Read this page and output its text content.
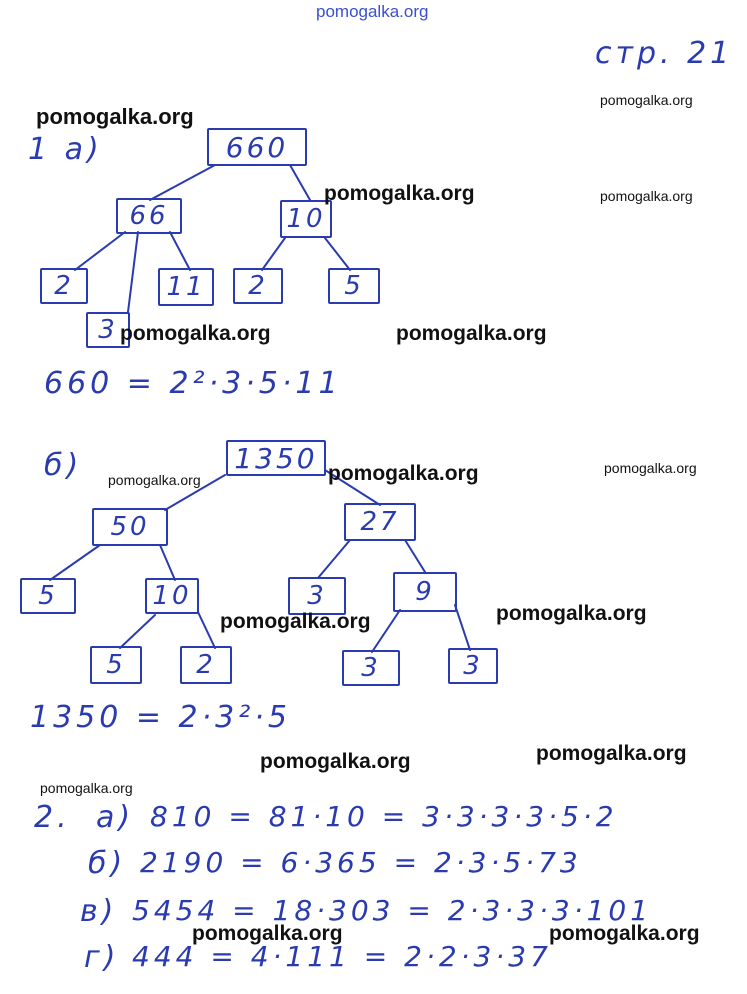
pomogalka.org
стр. 21
1 а)	660
66	10
2
3
11	2	5
660 = 2²·3·5·11
б)	1350
50	27
5	10	3	9
5	2	3	3
1350 = 2·3²·5
2. а) 810 = 81·10 = 3·3·3·3·5·2
б) 2190 = 6·365 = 2·3·5·73
в) 5454 = 18·303 = 2·3·3·3·101
г) 444 = 4·111 = 2·2·3·37
pomogalka.org
pomogalka.org
pomogalka.org	pomogalka.org
pomogalka.org	pomogalka.org
pomogalka.org	pomogalka.org	pomogalka.org
pomogalka.org	pomogalka.org
pomogalka.org	pomogalka.org
pomogalka.org
pomogalka.org	pomogalka.org
